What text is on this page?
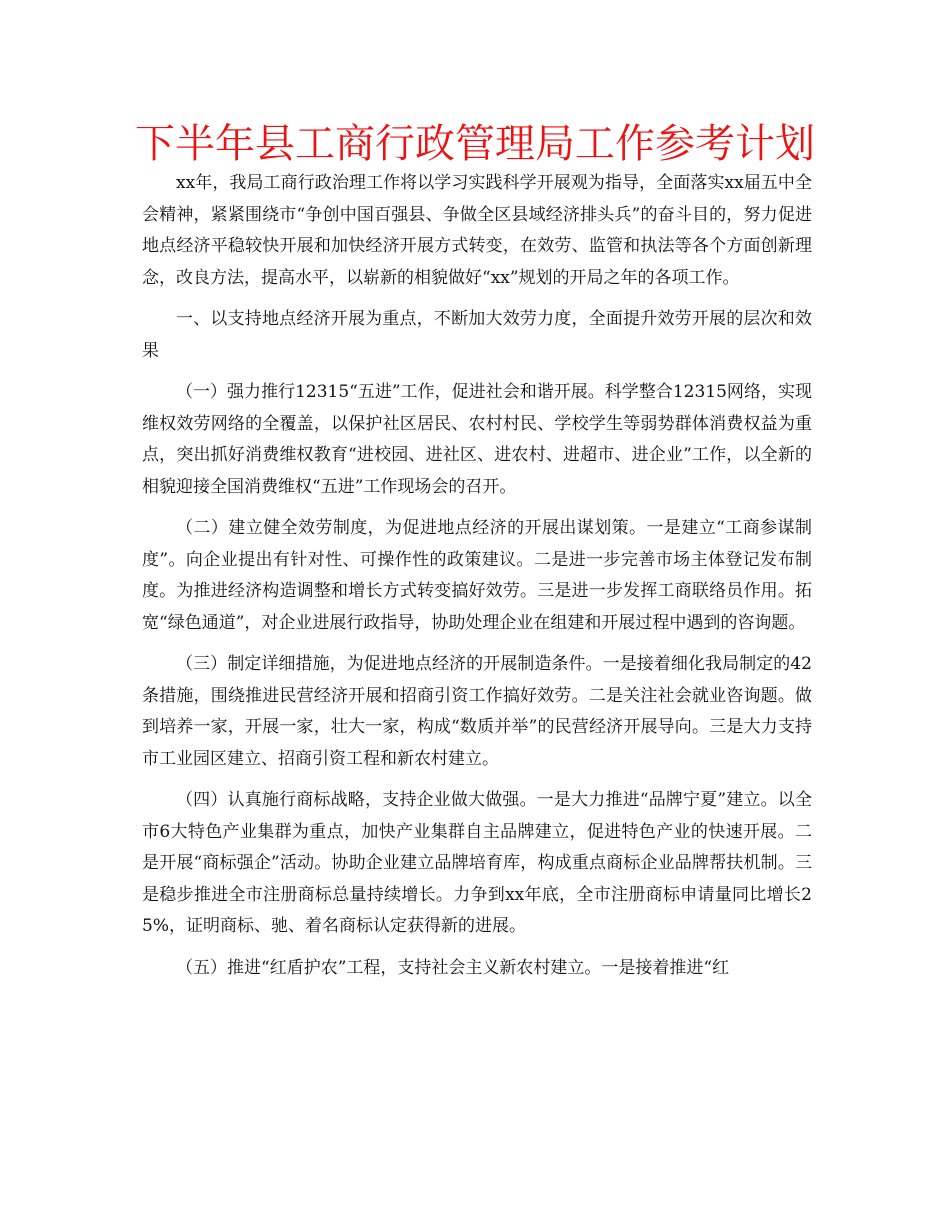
下半年县工商行政管理局工作参考计划

xx年，我局工商行政治理工作将以学习实践科学开展观为指导，全面落实xx届五中全会精神，紧紧围绕市“争创中国百强县、争做全区县域经济排头兵”的奋斗目的，努力促进地点经济平稳较快开展和加快经济开展方式转变，在效劳、监管和执法等各个方面创新理念，改良方法，提高水平，以崭新的相貌做好“xx”规划的开局之年的各项工作。

一、以支持地点经济开展为重点，不断加大效劳力度，全面提升效劳开展的层次和效果

（一）强力推行12315“五进”工作，促进社会和谐开展。科学整合12315网络，实现维权效劳网络的全覆盖，以保护社区居民、农村村民、学校学生等弱势群体消费权益为重点，突出抓好消费维权教育“进校园、进社区、进农村、进超市、进企业”工作，以全新的相貌迎接全国消费维权“五进”工作现场会的召开。

（二）建立健全效劳制度，为促进地点经济的开展出谋划策。一是建立“工商参谋制度”。向企业提出有针对性、可操作性的政策建议。二是进一步完善市场主体登记发布制度。为推进经济构造调整和增长方式转变搞好效劳。三是进一步发挥工商联络员作用。拓宽“绿色通道”，对企业进展行政指导，协助处理企业在组建和开展过程中遇到的咨询题。

（三）制定详细措施，为促进地点经济的开展制造条件。一是接着细化我局制定的42条措施，围绕推进民营经济开展和招商引资工作搞好效劳。二是关注社会就业咨询题。做到培养一家，开展一家，壮大一家，构成“数质并举”的民营经济开展导向。三是大力支持市工业园区建立、招商引资工程和新农村建立。

（四）认真施行商标战略，支持企业做大做强。一是大力推进“品牌宁夏”建立。以全市6大特色产业集群为重点，加快产业集群自主品牌建立，促进特色产业的快速开展。二是开展“商标强企”活动。协助企业建立品牌培育库，构成重点商标企业品牌帮扶机制。三是稳步推进全市注册商标总量持续增长。力争到xx年底，全市注册商标申请量同比增长25%，证明商标、驰、着名商标认定获得新的进展。

（五）推进“红盾护农”工程，支持社会主义新农村建立。一是接着推进“红
